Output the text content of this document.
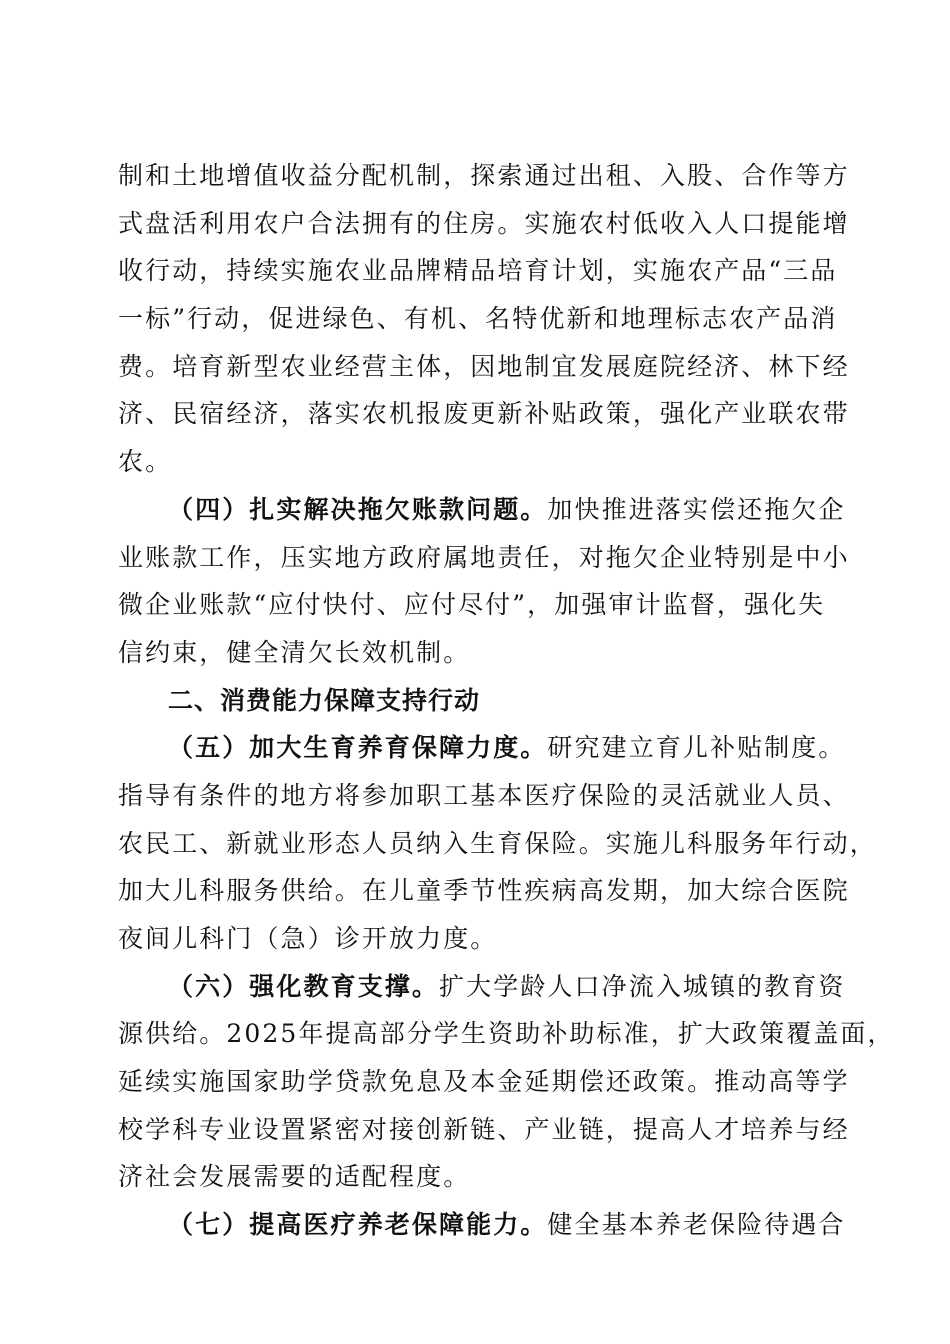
制和土地增值收益分配机制，探索通过出租、入股、合作等方
式盘活利用农户合法拥有的住房。实施农村低收入人口提能增
收行动，持续实施农业品牌精品培育计划，实施农产品“三品
一标”行动，促进绿色、有机、名特优新和地理标志农产品消
费。培育新型农业经营主体，因地制宜发展庭院经济、林下经
济、民宿经济，落实农机报废更新补贴政策，强化产业联农带
农。
（四）扎实解决拖欠账款问题。加快推进落实偿还拖欠企
业账款工作，压实地方政府属地责任，对拖欠企业特别是中小
微企业账款“应付快付、应付尽付”，加强审计监督，强化失
信约束，健全清欠长效机制。
二、消费能力保障支持行动
（五）加大生育养育保障力度。研究建立育儿补贴制度。
指导有条件的地方将参加职工基本医疗保险的灵活就业人员、
农民工、新就业形态人员纳入生育保险。实施儿科服务年行动，
加大儿科服务供给。在儿童季节性疾病高发期，加大综合医院
夜间儿科门（急）诊开放力度。
（六）强化教育支撑。扩大学龄人口净流入城镇的教育资
源供给。2025年提高部分学生资助补助标准，扩大政策覆盖面，
延续实施国家助学贷款免息及本金延期偿还政策。推动高等学
校学科专业设置紧密对接创新链、产业链，提高人才培养与经
济社会发展需要的适配程度。
（七）提高医疗养老保障能力。健全基本养老保险待遇合
